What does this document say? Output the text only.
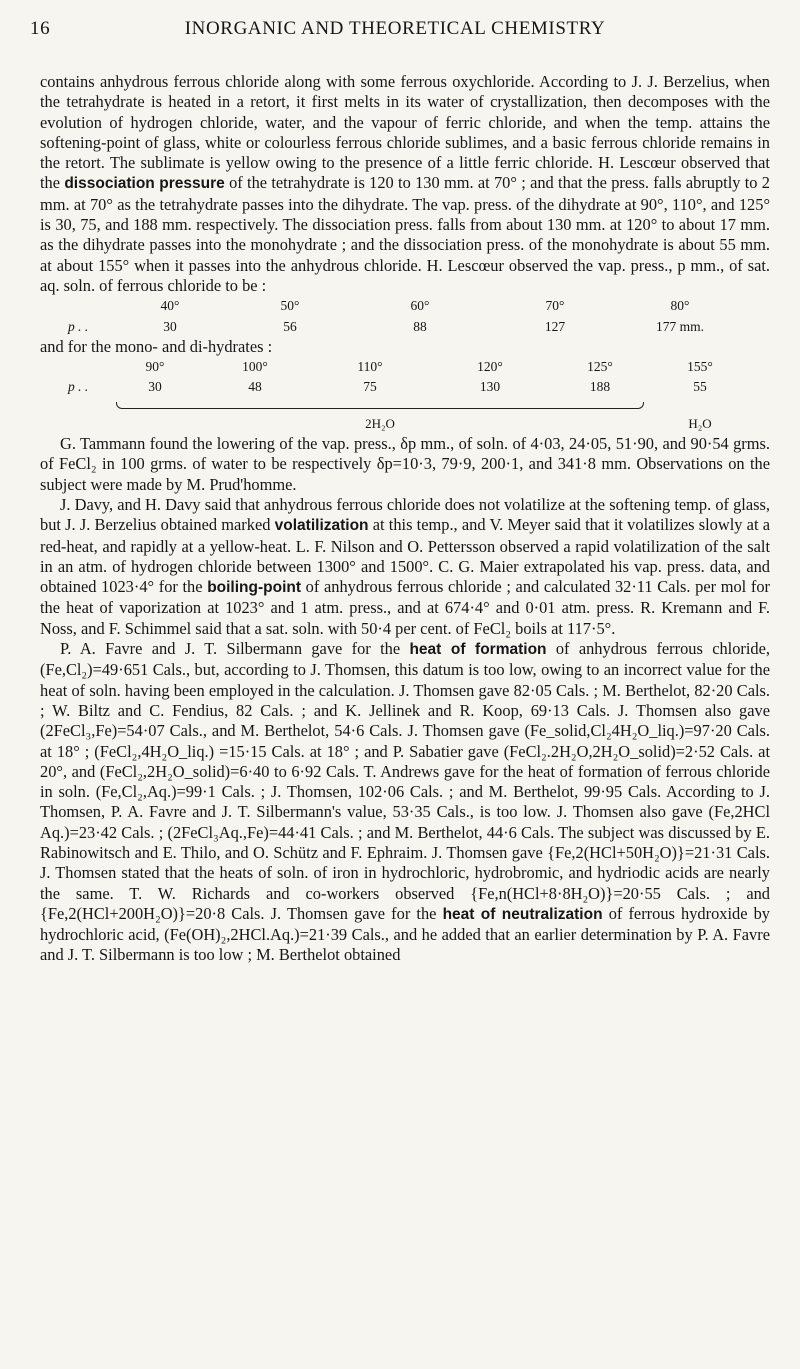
16	INORGANIC AND THEORETICAL CHEMISTRY

contains anhydrous ferrous chloride along with some ferrous oxychloride. According to J. J. Berzelius, when the tetrahydrate is heated in a retort, it first melts in its water of crystallization, then decomposes with the evolution of hydrogen chloride, water, and the vapour of ferric chloride, and when the temp. attains the softening-point of glass, white or colourless ferrous chloride sublimes, and a basic ferrous chloride remains in the retort. The sublimate is yellow owing to the presence of a little ferric chloride. H. Lescœur observed that the dissociation pressure of the tetrahydrate is 120 to 130 mm. at 70° ; and that the press. falls abruptly to 2 mm. at 70° as the tetrahydrate passes into the dihydrate. The vap. press. of the dihydrate at 90°, 110°, and 125° is 30, 75, and 188 mm. respectively. The dissociation press. falls from about 130 mm. at 120° to about 17 mm. as the dihydrate passes into the monohydrate ; and the dissociation press. of the monohydrate is about 55 mm. at about 155° when it passes into the anhydrous chloride. H. Lescœur observed the vap. press., p mm., of sat. aq. soln. of ferrous chloride to be :

	40°	50°	60°	70°	80°
p . .	30	56	88	127	177 mm.

and for the mono- and di-hydrates :

	90°	100°	110°	120°	125°	155°
p . .	30	48	75	130	188	55

	2H₂O					H₂O

G. Tammann found the lowering of the vap. press., δp mm., of soln. of 4·03, 24·05, 51·90, and 90·54 grms. of FeCl₂ in 100 grms. of water to be respectively δp=10·3, 79·9, 200·1, and 341·8 mm. Observations on the subject were made by M. Prud'homme.

J. Davy, and H. Davy said that anhydrous ferrous chloride does not volatilize at the softening temp. of glass, but J. J. Berzelius obtained marked volatilization at this temp., and V. Meyer said that it volatilizes slowly at a red-heat, and rapidly at a yellow-heat. L. F. Nilson and O. Pettersson observed a rapid volatilization of the salt in an atm. of hydrogen chloride between 1300° and 1500°. C. G. Maier extrapolated his vap. press. data, and obtained 1023·4° for the boiling-point of anhydrous ferrous chloride ; and calculated 32·11 Cals. per mol for the heat of vaporization at 1023° and 1 atm. press., and at 674·4° and 0·01 atm. press. R. Kremann and F. Noss, and F. Schimmel said that a sat. soln. with 50·4 per cent. of FeCl₂ boils at 117·5°.

P. A. Favre and J. T. Silbermann gave for the heat of formation of anhydrous ferrous chloride, (Fe,Cl₂)=49·651 Cals., but, according to J. Thomsen, this datum is too low, owing to an incorrect value for the heat of soln. having been employed in the calculation. J. Thomsen gave 82·05 Cals. ; M. Berthelot, 82·20 Cals. ; W. Biltz and C. Fendius, 82 Cals. ; and K. Jellinek and R. Koop, 69·13 Cals. J. Thomsen also gave (2FeCl₃,Fe)=54·07 Cals., and M. Berthelot, 54·6 Cals. J. Thomsen gave (Fe_solid,Cl₂4H₂O_liq.)=97·20 Cals. at 18° ; (FeCl₂,4H₂O_liq.) =15·15 Cals. at 18° ; and P. Sabatier gave (FeCl₂.2H₂O,2H₂O_solid)=2·52 Cals. at 20°, and (FeCl₂,2H₂O_solid)=6·40 to 6·92 Cals. T. Andrews gave for the heat of formation of ferrous chloride in soln. (Fe,Cl₂,Aq.)=99·1 Cals. ; J. Thomsen, 102·06 Cals. ; and M. Berthelot, 99·95 Cals. According to J. Thomsen, P. A. Favre and J. T. Silbermann's value, 53·35 Cals., is too low. J. Thomsen also gave (Fe,2HCl Aq.)=23·42 Cals. ; (2FeCl₃Aq.,Fe)=44·41 Cals. ; and M. Berthelot, 44·6 Cals. The subject was discussed by E. Rabinowitsch and E. Thilo, and O. Schütz and F. Ephraim. J. Thomsen gave {Fe,2(HCl+50H₂O)}=21·31 Cals. J. Thomsen stated that the heats of soln. of iron in hydrochloric, hydrobromic, and hydriodic acids are nearly the same. T. W. Richards and co-workers observed {Fe,n(HCl+8·8H₂O)}=20·55 Cals. ; and {Fe,2(HCl+200H₂O)}=20·8 Cals. J. Thomsen gave for the heat of neutralization of ferrous hydroxide by hydrochloric acid, (Fe(OH)₂,2HCl.Aq.)=21·39 Cals., and he added that an earlier determination by P. A. Favre and J. T. Silbermann is too low ; M. Berthelot obtained
